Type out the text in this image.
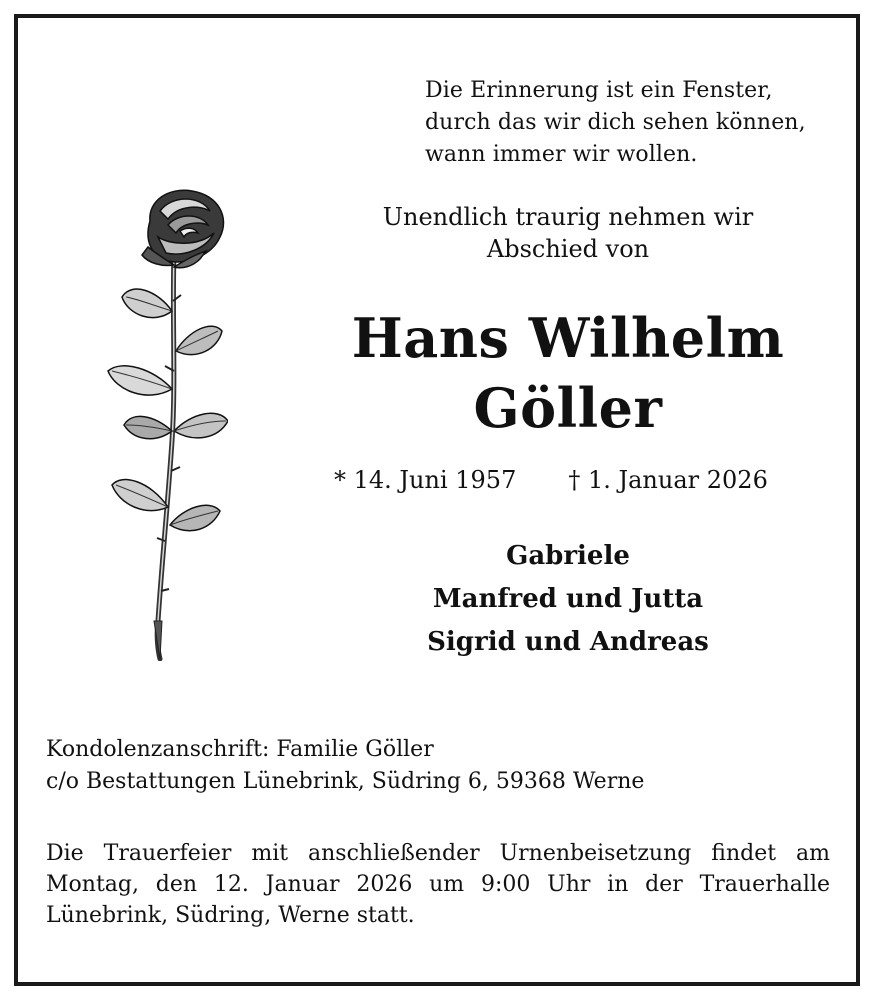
Die Erinnerung ist ein Fenster,
durch das wir dich sehen können,
wann immer wir wollen.
Unendlich traurig nehmen wir
Abschied von
Hans Wilhelm
Göller
* 14. Juni 1957 † 1. Januar 2026
Gabriele
Manfred und Jutta
Sigrid und Andreas
Kondolenzanschrift: Familie Göller
c/o Bestattungen Lünebrink, Südring 6, 59368 Werne
Die Trauerfeier mit anschließender Urnenbeisetzung findet am
Montag, den 12. Januar 2026 um 9:00 Uhr in der Trauerhalle
Lünebrink, Südring, Werne statt.
